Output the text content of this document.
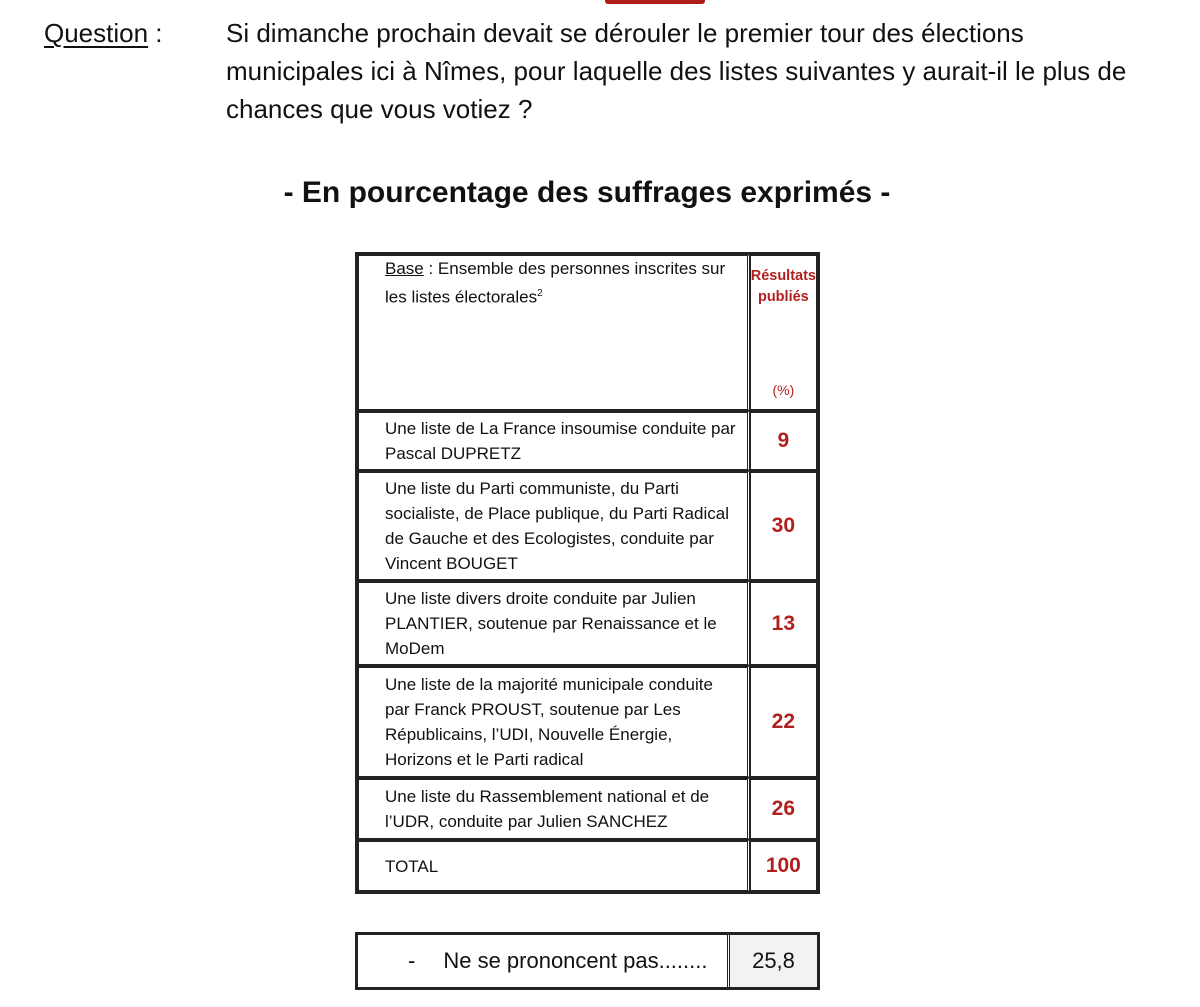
Question : Si dimanche prochain devait se dérouler le premier tour des élections municipales ici à Nîmes, pour laquelle des listes suivantes y aurait-il le plus de chances que vous votiez ?
- En pourcentage des suffrages exprimés -
Base : Ensemble des personnes inscrites sur les listes électorales$^2$	Résultats publiés
(%)

Une liste de La France insoumise conduite par Pascal DUPRETZ	9
Une liste du Parti communiste, du Parti socialiste, de Place publique, du Parti Radical de Gauche et des Ecologistes, conduite par Vincent BOUGET	30
Une liste divers droite conduite par Julien PLANTIER, soutenue par Renaissance et le MoDem	13
Une liste de la majorité municipale conduite par Franck PROUST, soutenue par Les Républicains, l’UDI, Nouvelle Énergie, Horizons et le Parti radical	22
Une liste du Rassemblement national et de l’UDR, conduite par Julien SANCHEZ	26
TOTAL	100
- Ne se prononcent pas........	25,8
